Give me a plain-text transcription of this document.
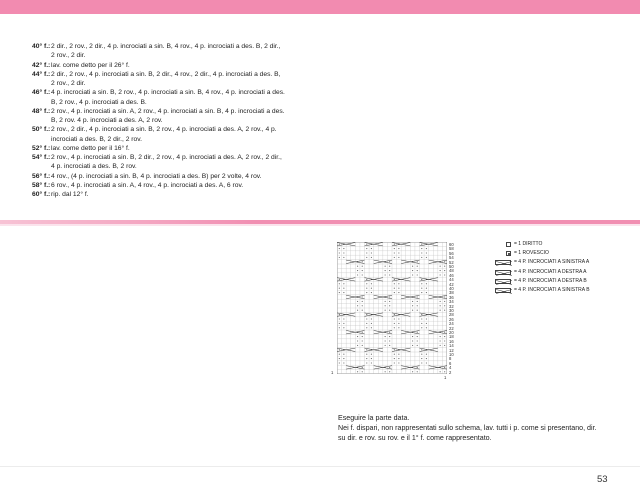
40° f.: 2 dir., 2 rov., 2 dir., 4 p. incrociati a sin. B, 4 rov., 4 p. incrociati a des. B, 2 dir.,
2 rov., 2 dir.
42° f.: lav. come detto per il 26° f.
44° f.: 2 dir., 2 rov., 4 p. incrociati a sin. B, 2 dir., 4 rov., 2 dir., 4 p. incrociati a des. B,
2 rov., 2 dir.
46° f.: 4 p. incrociati a sin. B, 2 rov., 4 p. incrociati a sin. B, 4 rov., 4 p. incrociati a des.
B, 2 rov., 4 p. incrociati a des. B.
48° f.: 2 rov., 4 p. incrociati a sin. A, 2 rov., 4 p. incrociati a sin. B, 4 p. incrociati a des.
B, 2 rov. 4 p. incrociati a des. A, 2 rov.
50° f.: 2 rov., 2 dir., 4 p. incrociati a sin. B, 2 rov., 4 p. incrociati a des. A, 2 rov., 4 p.
incrociati a des. B, 2 dir., 2 rov.
52° f.: lav. come detto per il 16° f.
54° f.: 2 rov., 4 p. incrociati a sin. B, 2 dir., 2 rov., 4 p. incrociati a des. A, 2 rov., 2 dir.,
4 p. incrociati a des. B, 2 rov.
56° f.: 4 rov., (4 p. incrociati a sin. B, 4 p. incrociati a des. B) per 2 volte, 4 rov.
58° f.: 6 rov., 4 p. incrociati a sin. A, 4 rov., 4 p. incrociati a des. A, 6 rov.
60° f.: rip. dal 12° f.
60
58
56
54
52
50
48
46
44
42
40
38
36
34
32
30
28
26
24
22
20
18
16
14
12
10
8
6
4
2
1
1
= 1 DIRITTO
= 1 ROVESCIO
= 4 P. INCROCIATI A SINISTRA A
= 4 P. INCROCIATI A DESTRA A
= 4 P. INCROCIATI A DESTRA B
= 4 P. INCROCIATI A SINISTRA B
Eseguire la parte data.
Nei f. dispari, non rappresentati sullo schema, lav. tutti i p. come si presentano, dir.
su dir. e rov. su rov. e il 1° f. come rappresentato.
53
